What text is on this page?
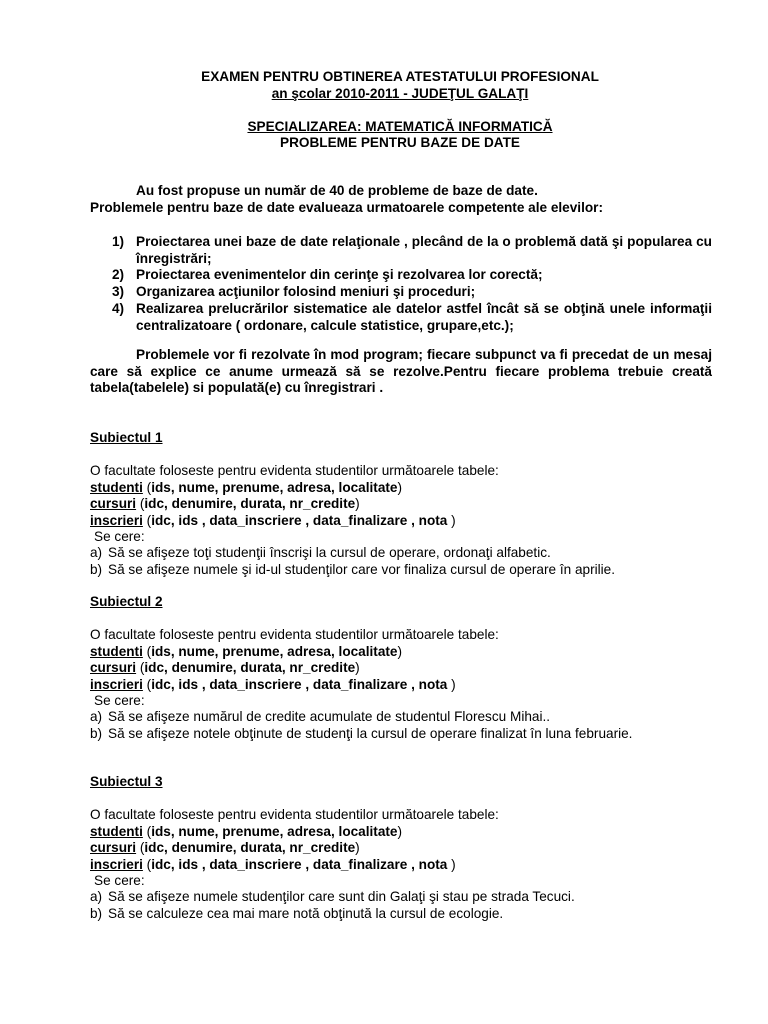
EXAMEN PENTRU OBTINEREA ATESTATULUI PROFESIONAL
an şcolar 2010-2011 - JUDEŢUL GALAŢI
SPECIALIZAREA: MATEMATICĂ INFORMATICĂ
PROBLEME PENTRU BAZE DE DATE
Au fost propuse un număr de 40 de probleme de baze de date.
Problemele pentru baze de date evalueaza urmatoarele competente ale elevilor:
1) Proiectarea unei baze de date relaţionale , plecând de la o problemă dată şi popularea cu înregistrări;
2) Proiectarea evenimentelor din cerinţe şi rezolvarea lor corectă;
3) Organizarea acţiunilor folosind meniuri şi proceduri;
4) Realizarea prelucrărilor sistematice ale datelor astfel încât să se obţină unele informaţii centralizatoare ( ordonare, calcule statistice, grupare,etc.);
Problemele vor fi rezolvate în mod program; fiecare subpunct va fi precedat de un mesaj care să explice ce anume urmează să se rezolve.Pentru fiecare problema trebuie creată tabela(tabelele) si populată(e) cu înregistrari .
Subiectul 1
O facultate foloseste pentru evidenta studentilor următoarele tabele:
studenti (ids, nume, prenume, adresa, localitate)
cursuri (idc, denumire, durata, nr_credite)
inscrieri (idc, ids , data_inscriere , data_finalizare , nota )
Se cere:
a) Să se afişeze toţi studenţii înscrişi la cursul de operare, ordonaţi alfabetic.
b) Să se afişeze numele şi id-ul studenţilor care vor finaliza cursul de operare în aprilie.
Subiectul 2
O facultate foloseste pentru evidenta studentilor următoarele tabele:
studenti (ids, nume, prenume, adresa, localitate)
cursuri (idc, denumire, durata, nr_credite)
inscrieri (idc, ids , data_inscriere , data_finalizare , nota )
Se cere:
a) Să se afişeze numărul de credite acumulate de studentul Florescu Mihai..
b) Să se afişeze notele obţinute de studenţi la cursul de operare finalizat în luna februarie.
Subiectul 3
O facultate foloseste pentru evidenta studentilor următoarele tabele:
studenti (ids, nume, prenume, adresa, localitate)
cursuri (idc, denumire, durata, nr_credite)
inscrieri (idc, ids , data_inscriere , data_finalizare , nota )
Se cere:
a) Să se afişeze numele studenţilor care sunt din Galaţi şi stau pe strada Tecuci.
b) Să se calculeze cea mai mare notă obţinută la cursul de ecologie.
